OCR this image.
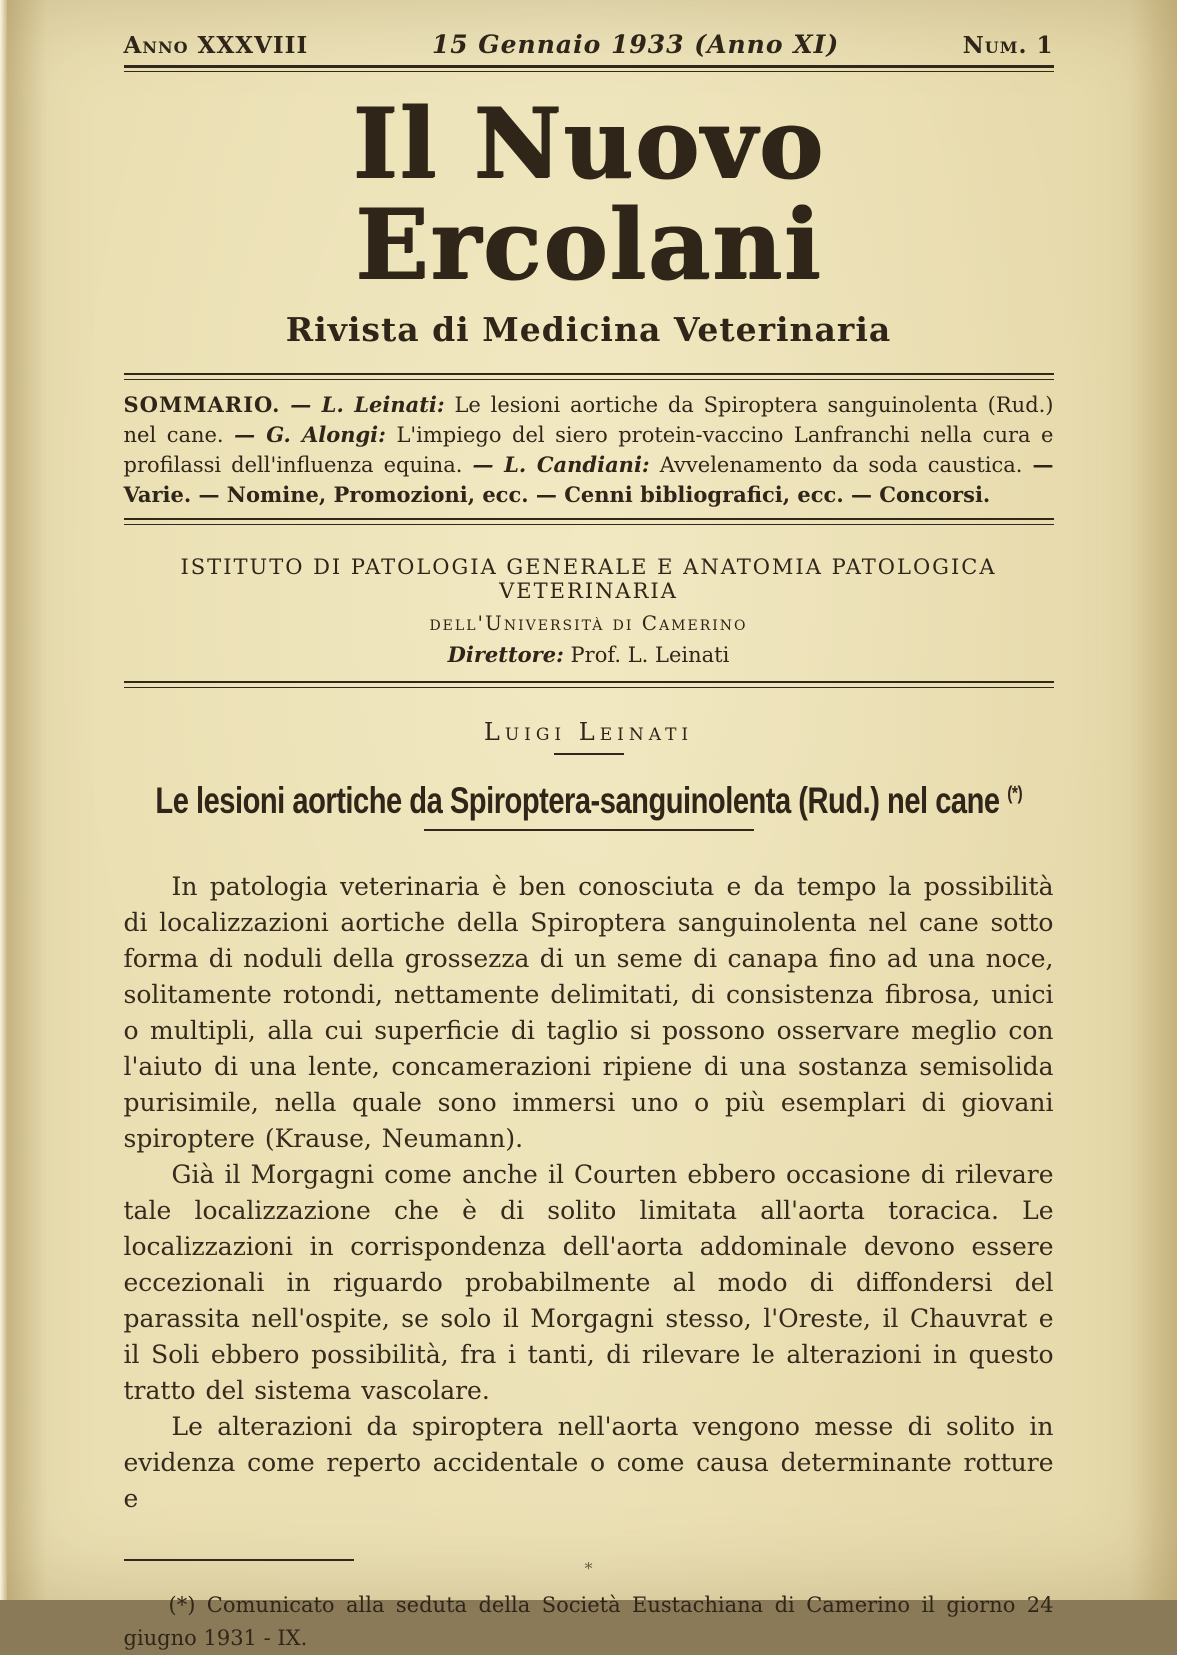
Anno XXXVIII	15 Gennaio 1933 (Anno XI)	Num. 1
Il Nuovo Ercolani
Rivista di Medicina Veterinaria

SOMMARIO. — L. Leinati: Le lesioni aortiche da Spiroptera sanguinolenta (Rud.) nel cane. — G. Alongi: L'impiego del siero protein-vaccino Lanfranchi nella cura e profilassi dell'influenza equina. — L. Candiani: Avvelenamento da soda caustica. — Varie. — Nomine, Promozioni, ecc. — Cenni bibliografici, ecc. — Concorsi.

ISTITUTO DI PATOLOGIA GENERALE E ANATOMIA PATOLOGICA VETERINARIA
dell'Università di Camerino
Direttore: Prof. L. Leinati
Luigi Leinati
Le lesioni aortiche da Spiroptera-sanguinolenta (Rud.) nel cane (*)

In patologia veterinaria è ben conosciuta e da tempo la possibilità di localizzazioni aortiche della Spiroptera sanguinolenta nel cane sotto forma di noduli della grossezza di un seme di canapa fino ad una noce, solitamente rotondi, nettamente delimitati, di consistenza fibrosa, unici o multipli, alla cui superficie di taglio si possono osservare meglio con l'aiuto di una lente, concamerazioni ripiene di una sostanza semisolida purisimile, nella quale sono immersi uno o più esemplari di giovani spiroptere (Krause, Neumann).

Già il Morgagni come anche il Courten ebbero occasione di rilevare tale localizzazione che è di solito limitata all'aorta toracica. Le localizzazioni in corrispondenza dell'aorta addominale devono essere eccezionali in riguardo probabilmente al modo di diffondersi del parassita nell'ospite, se solo il Morgagni stesso, l'Oreste, il Chauvrat e il Soli ebbero possibilità, fra i tanti, di rilevare le alterazioni in questo tratto del sistema vascolare.

Le alterazioni da spiroptera nell'aorta vengono messe di solito in evidenza come reperto accidentale o come causa determinante rotture e

(*) Comunicato alla seduta della Società Eustachiana di Camerino il giorno 24 giugno 1931 - IX.

*
